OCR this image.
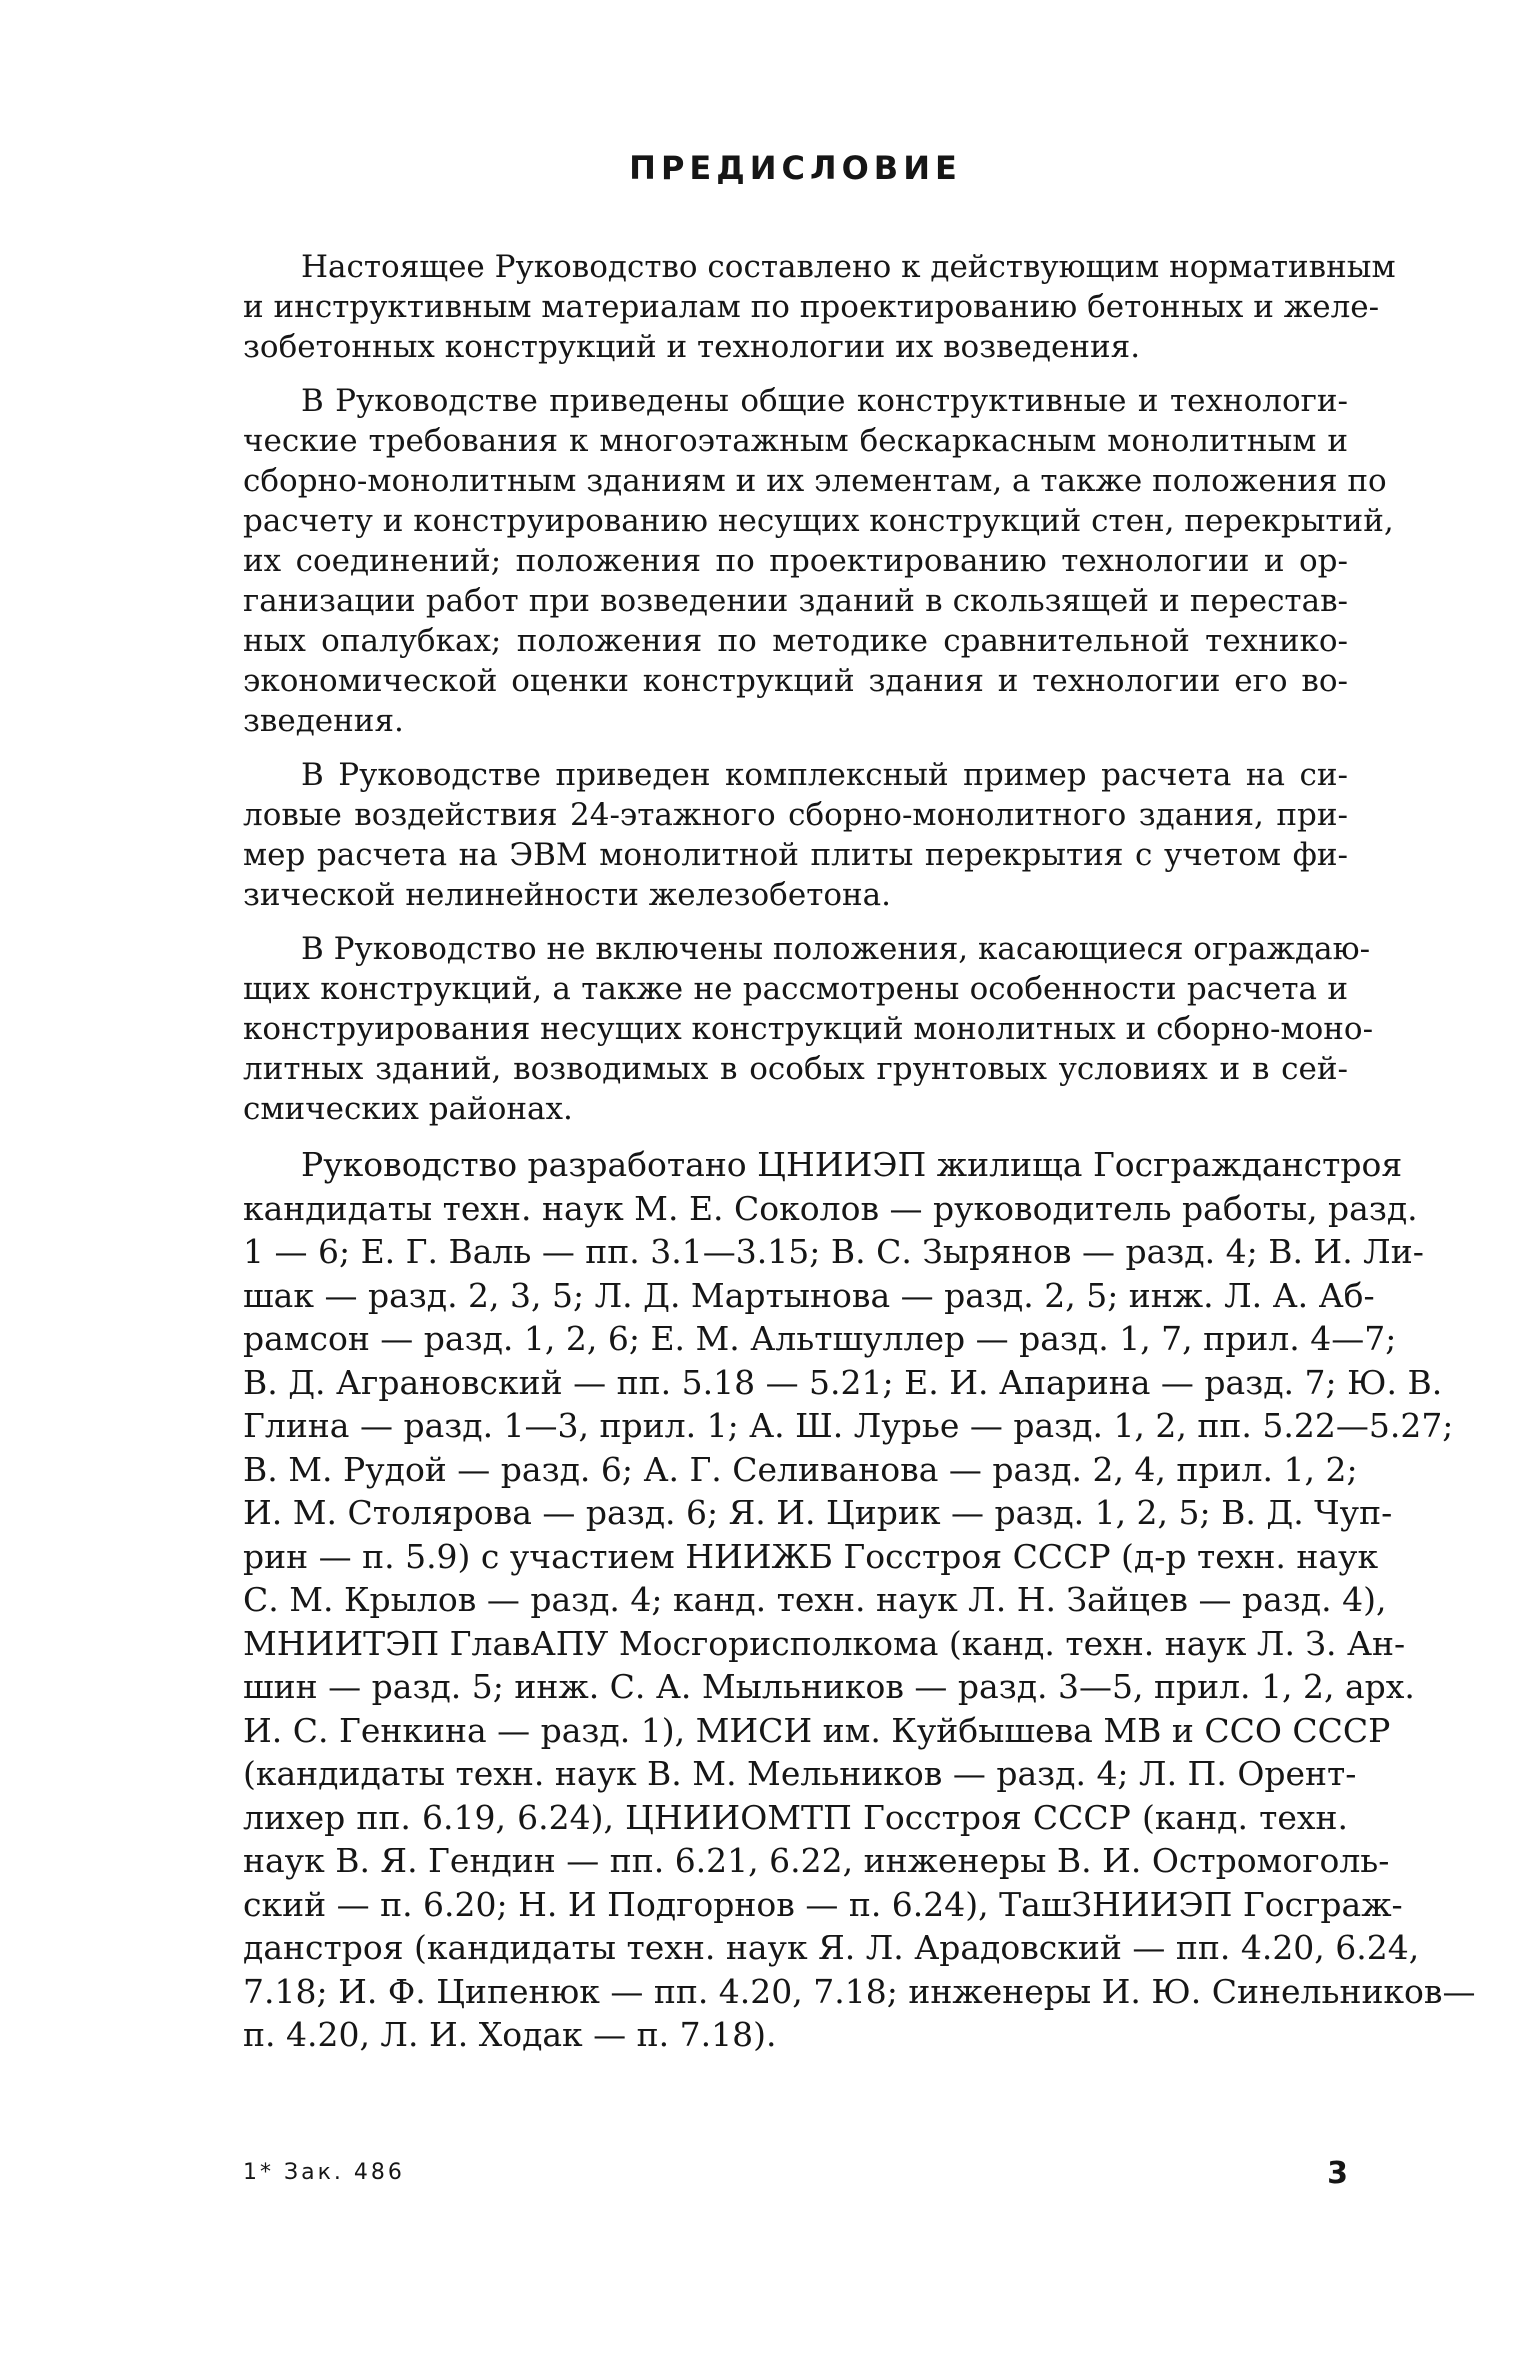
ПРЕДИСЛОВИЕ
Настоящее Руководство составлено к действующим нормативным
и инструктивным материалам по проектированию бетонных и желе-
зобетонных конструкций и технологии их возведения.
В Руководстве приведены общие конструктивные и технологи-
ческие требования к многоэтажным бескаркасным монолитным и
сборно-монолитным зданиям и их элементам, а также положения по
расчету и конструированию несущих конструкций стен, перекрытий,
их соединений; положения по проектированию технологии и ор-
ганизации работ при возведении зданий в скользящей и перестав-
ных опалубках; положения по методике сравнительной технико-
экономической оценки конструкций здания и технологии его во-
зведения.
В Руководстве приведен комплексный пример расчета на си-
ловые воздействия 24-этажного сборно-монолитного здания, при-
мер расчета на ЭВМ монолитной плиты перекрытия с учетом фи-
зической нелинейности железобетона.
В Руководство не включены положения, касающиеся ограждаю-
щих конструкций, а также не рассмотрены особенности расчета и
конструирования несущих конструкций монолитных и сборно-моно-
литных зданий, возводимых в особых грунтовых условиях и в сей-
смических районах.
Руководство разработано ЦНИИЭП жилища Госгражданстроя
кандидаты техн. наук М. Е. Соколов — руководитель работы, разд.
1 — 6; Е. Г. Валь — пп. 3.1—3.15; В. С. Зырянов — разд. 4; В. И. Ли-
шак — разд. 2, 3, 5; Л. Д. Мартынова — разд. 2, 5; инж. Л. А. Аб-
рамсон — разд. 1, 2, 6; Е. М. Альтшуллер — разд. 1, 7, прил. 4—7;
В. Д. Аграновский — пп. 5.18 — 5.21; Е. И. Апарина — разд. 7; Ю. В.
Глина — разд. 1—3, прил. 1; А. Ш. Лурье — разд. 1, 2, пп. 5.22—5.27;
В. М. Рудой — разд. 6; А. Г. Селиванова — разд. 2, 4, прил. 1, 2;
И. М. Столярова — разд. 6; Я. И. Цирик — разд. 1, 2, 5; В. Д. Чуп-
рин — п. 5.9) с участием НИИЖБ Госстроя СССР (д-р техн. наук
С. М. Крылов — разд. 4; канд. техн. наук Л. Н. Зайцев — разд. 4),
МНИИТЭП ГлавАПУ Мосгорисполкома (канд. техн. наук Л. З. Ан-
шин — разд. 5; инж. С. А. Мыльников — разд. 3—5, прил. 1, 2, арх.
И. С. Генкина — разд. 1), МИСИ им. Куйбышева МВ и ССО СССР
(кандидаты техн. наук В. М. Мельников — разд. 4; Л. П. Орент-
лихер пп. 6.19, 6.24), ЦНИИОМТП Госстроя СССР (канд. техн.
наук В. Я. Гендин — пп. 6.21, 6.22, инженеры В. И. Остромоголь-
ский — п. 6.20; Н. И Подгорнов — п. 6.24), ТашЗНИИЭП Госграж-
данстроя (кандидаты техн. наук Я. Л. Арадовский — пп. 4.20, 6.24,
7.18; И. Ф. Ципенюк — пп. 4.20, 7.18; инженеры И. Ю. Синельников—
п. 4.20, Л. И. Ходак — п. 7.18).
1* Зак. 486	3
